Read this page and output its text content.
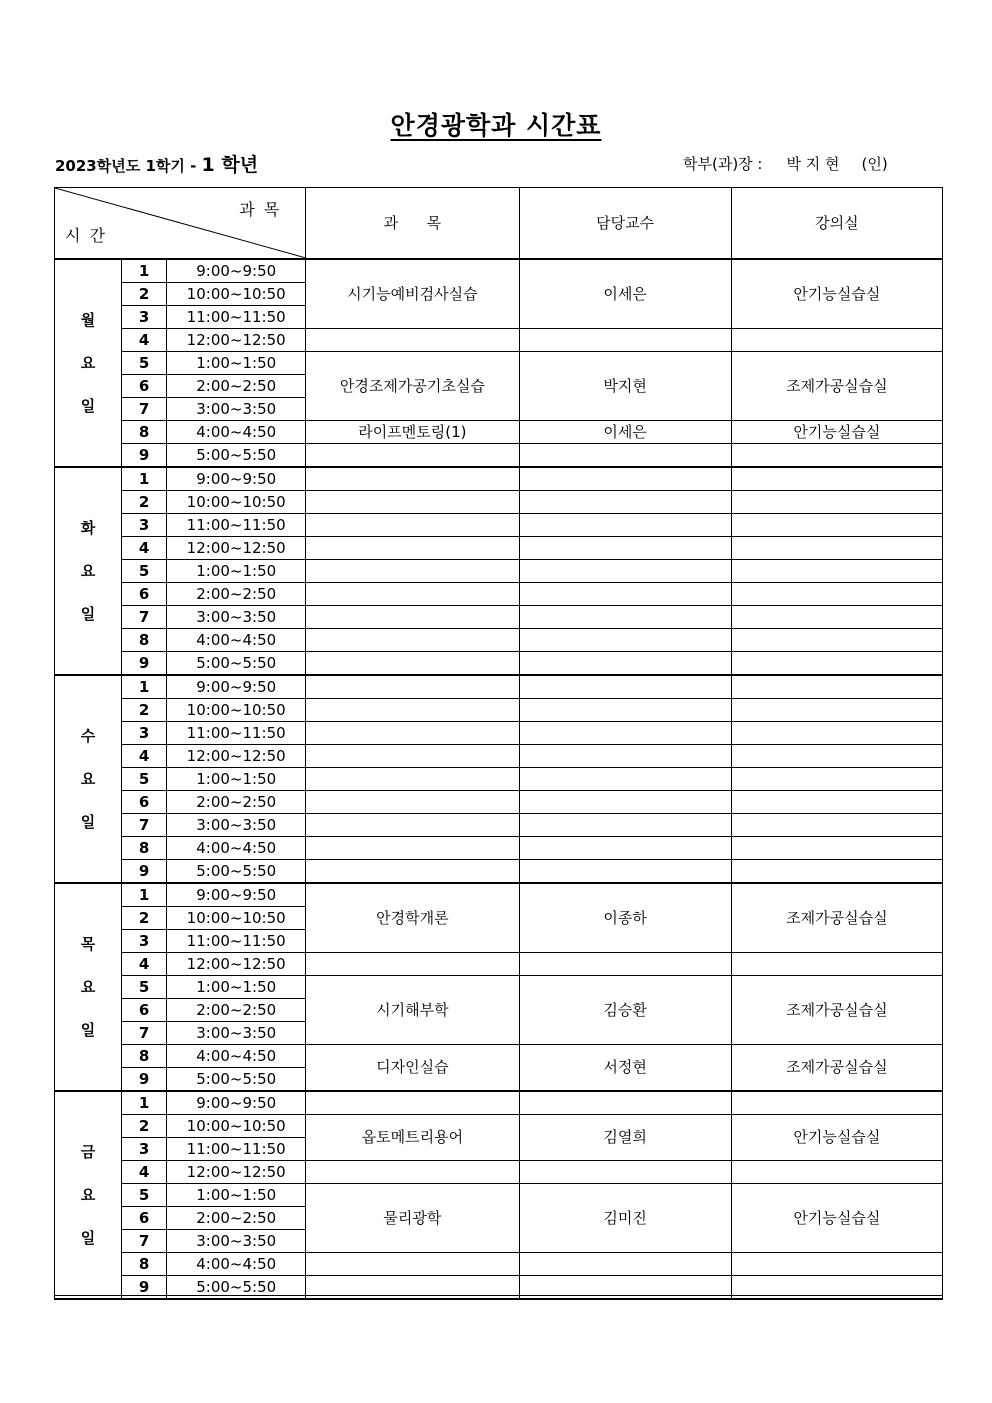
안경광학과 시간표
2023학년도 1학기 - 1 학년	학부(과)장 : 박 지 현 (인)
과 목
시 간			과      목	담당교수	강의실

월
요
일	1	9:00~9:50	시기능예비검사실습	이세은	안기능실습실
	2	10:00~10:50			
	3	11:00~11:50			
	4	12:00~12:50			
	5	1:00~1:50	안경조제가공기초실습	박지현	조제가공실습실
	6	2:00~2:50			
	7	3:00~3:50			
	8	4:00~4:50	라이프멘토링(1)	이세은	안기능실습실
	9	5:00~5:50			

화
요
일	1	9:00~9:50			
	2	10:00~10:50			
	3	11:00~11:50			
	4	12:00~12:50			
	5	1:00~1:50			
	6	2:00~2:50			
	7	3:00~3:50			
	8	4:00~4:50			
	9	5:00~5:50			

수
요
일	1	9:00~9:50			
	2	10:00~10:50			
	3	11:00~11:50			
	4	12:00~12:50			
	5	1:00~1:50			
	6	2:00~2:50			
	7	3:00~3:50			
	8	4:00~4:50			
	9	5:00~5:50			

목
요
일	1	9:00~9:50	안경학개론	이종하	조제가공실습실
	2	10:00~10:50			
	3	11:00~11:50			
	4	12:00~12:50			
	5	1:00~1:50	시기해부학	김승환	조제가공실습실
	6	2:00~2:50			
	7	3:00~3:50			
	8	4:00~4:50	디자인실습	서정현	조제가공실습실
	9	5:00~5:50			

금
요
일	1	9:00~9:50			
	2	10:00~10:50	옵토메트리용어	김열희	안기능실습실
	3	11:00~11:50			
	4	12:00~12:50			
	5	1:00~1:50	물리광학	김미진	안기능실습실
	6	2:00~2:50			
	7	3:00~3:50			
	8	4:00~4:50			
	9	5:00~5:50			
